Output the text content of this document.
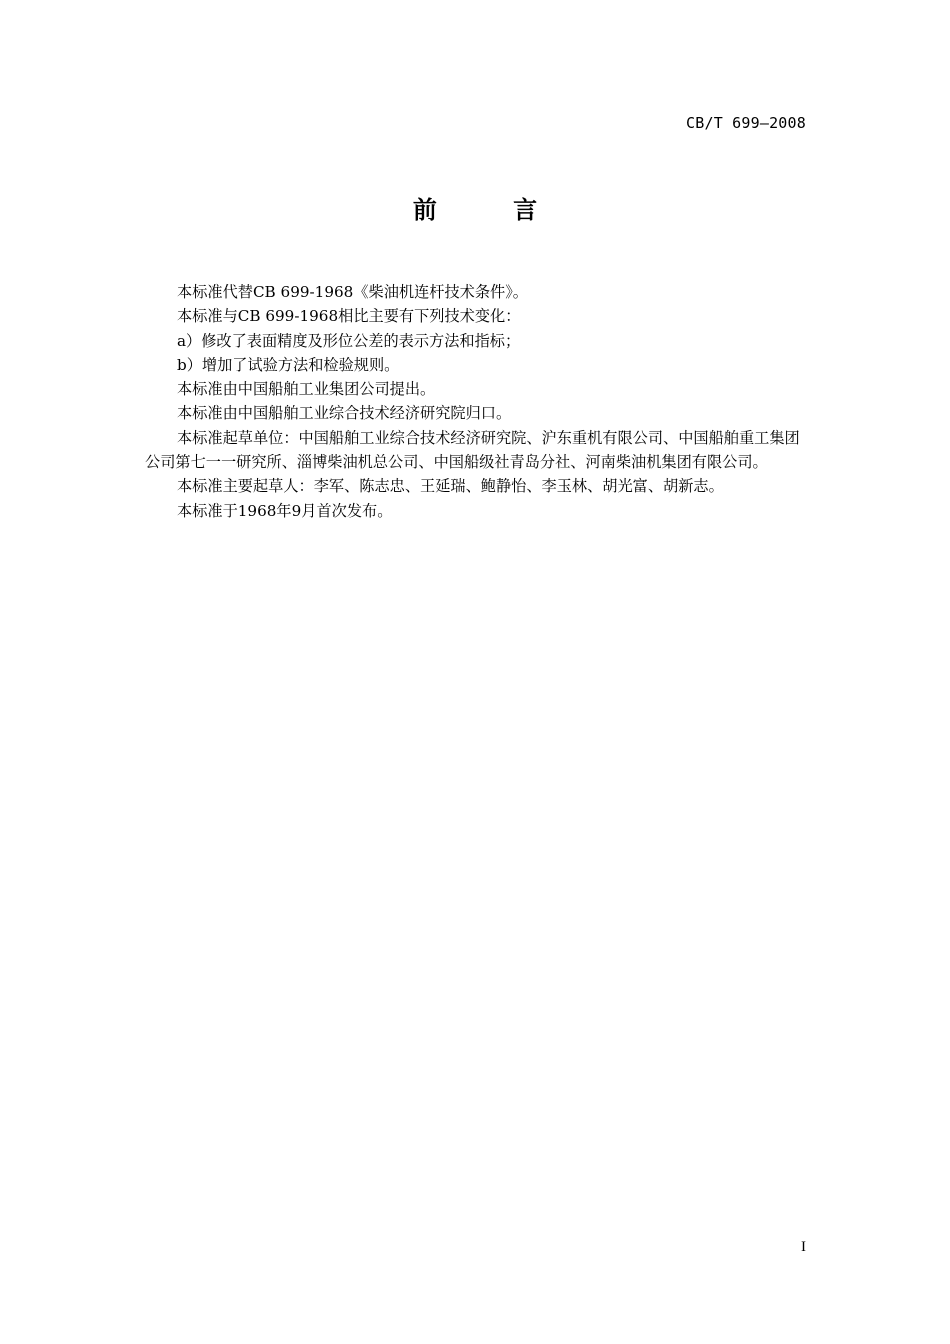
CB/T 699—2008
前 言

本标准代替CB 699-1968《柴油机连杆技术条件》。

本标准与CB 699-1968相比主要有下列技术变化：

a）修改了表面精度及形位公差的表示方法和指标；

b）增加了试验方法和检验规则。

本标准由中国船舶工业集团公司提出。

本标准由中国船舶工业综合技术经济研究院归口。

本标准起草单位：中国船舶工业综合技术经济研究院、沪东重机有限公司、中国船舶重工集团公司第七一一研究所、淄博柴油机总公司、中国船级社青岛分社、河南柴油机集团有限公司。

本标准主要起草人：李军、陈志忠、王延瑞、鲍静怡、李玉林、胡光富、胡新志。

本标准于1968年9月首次发布。

I
